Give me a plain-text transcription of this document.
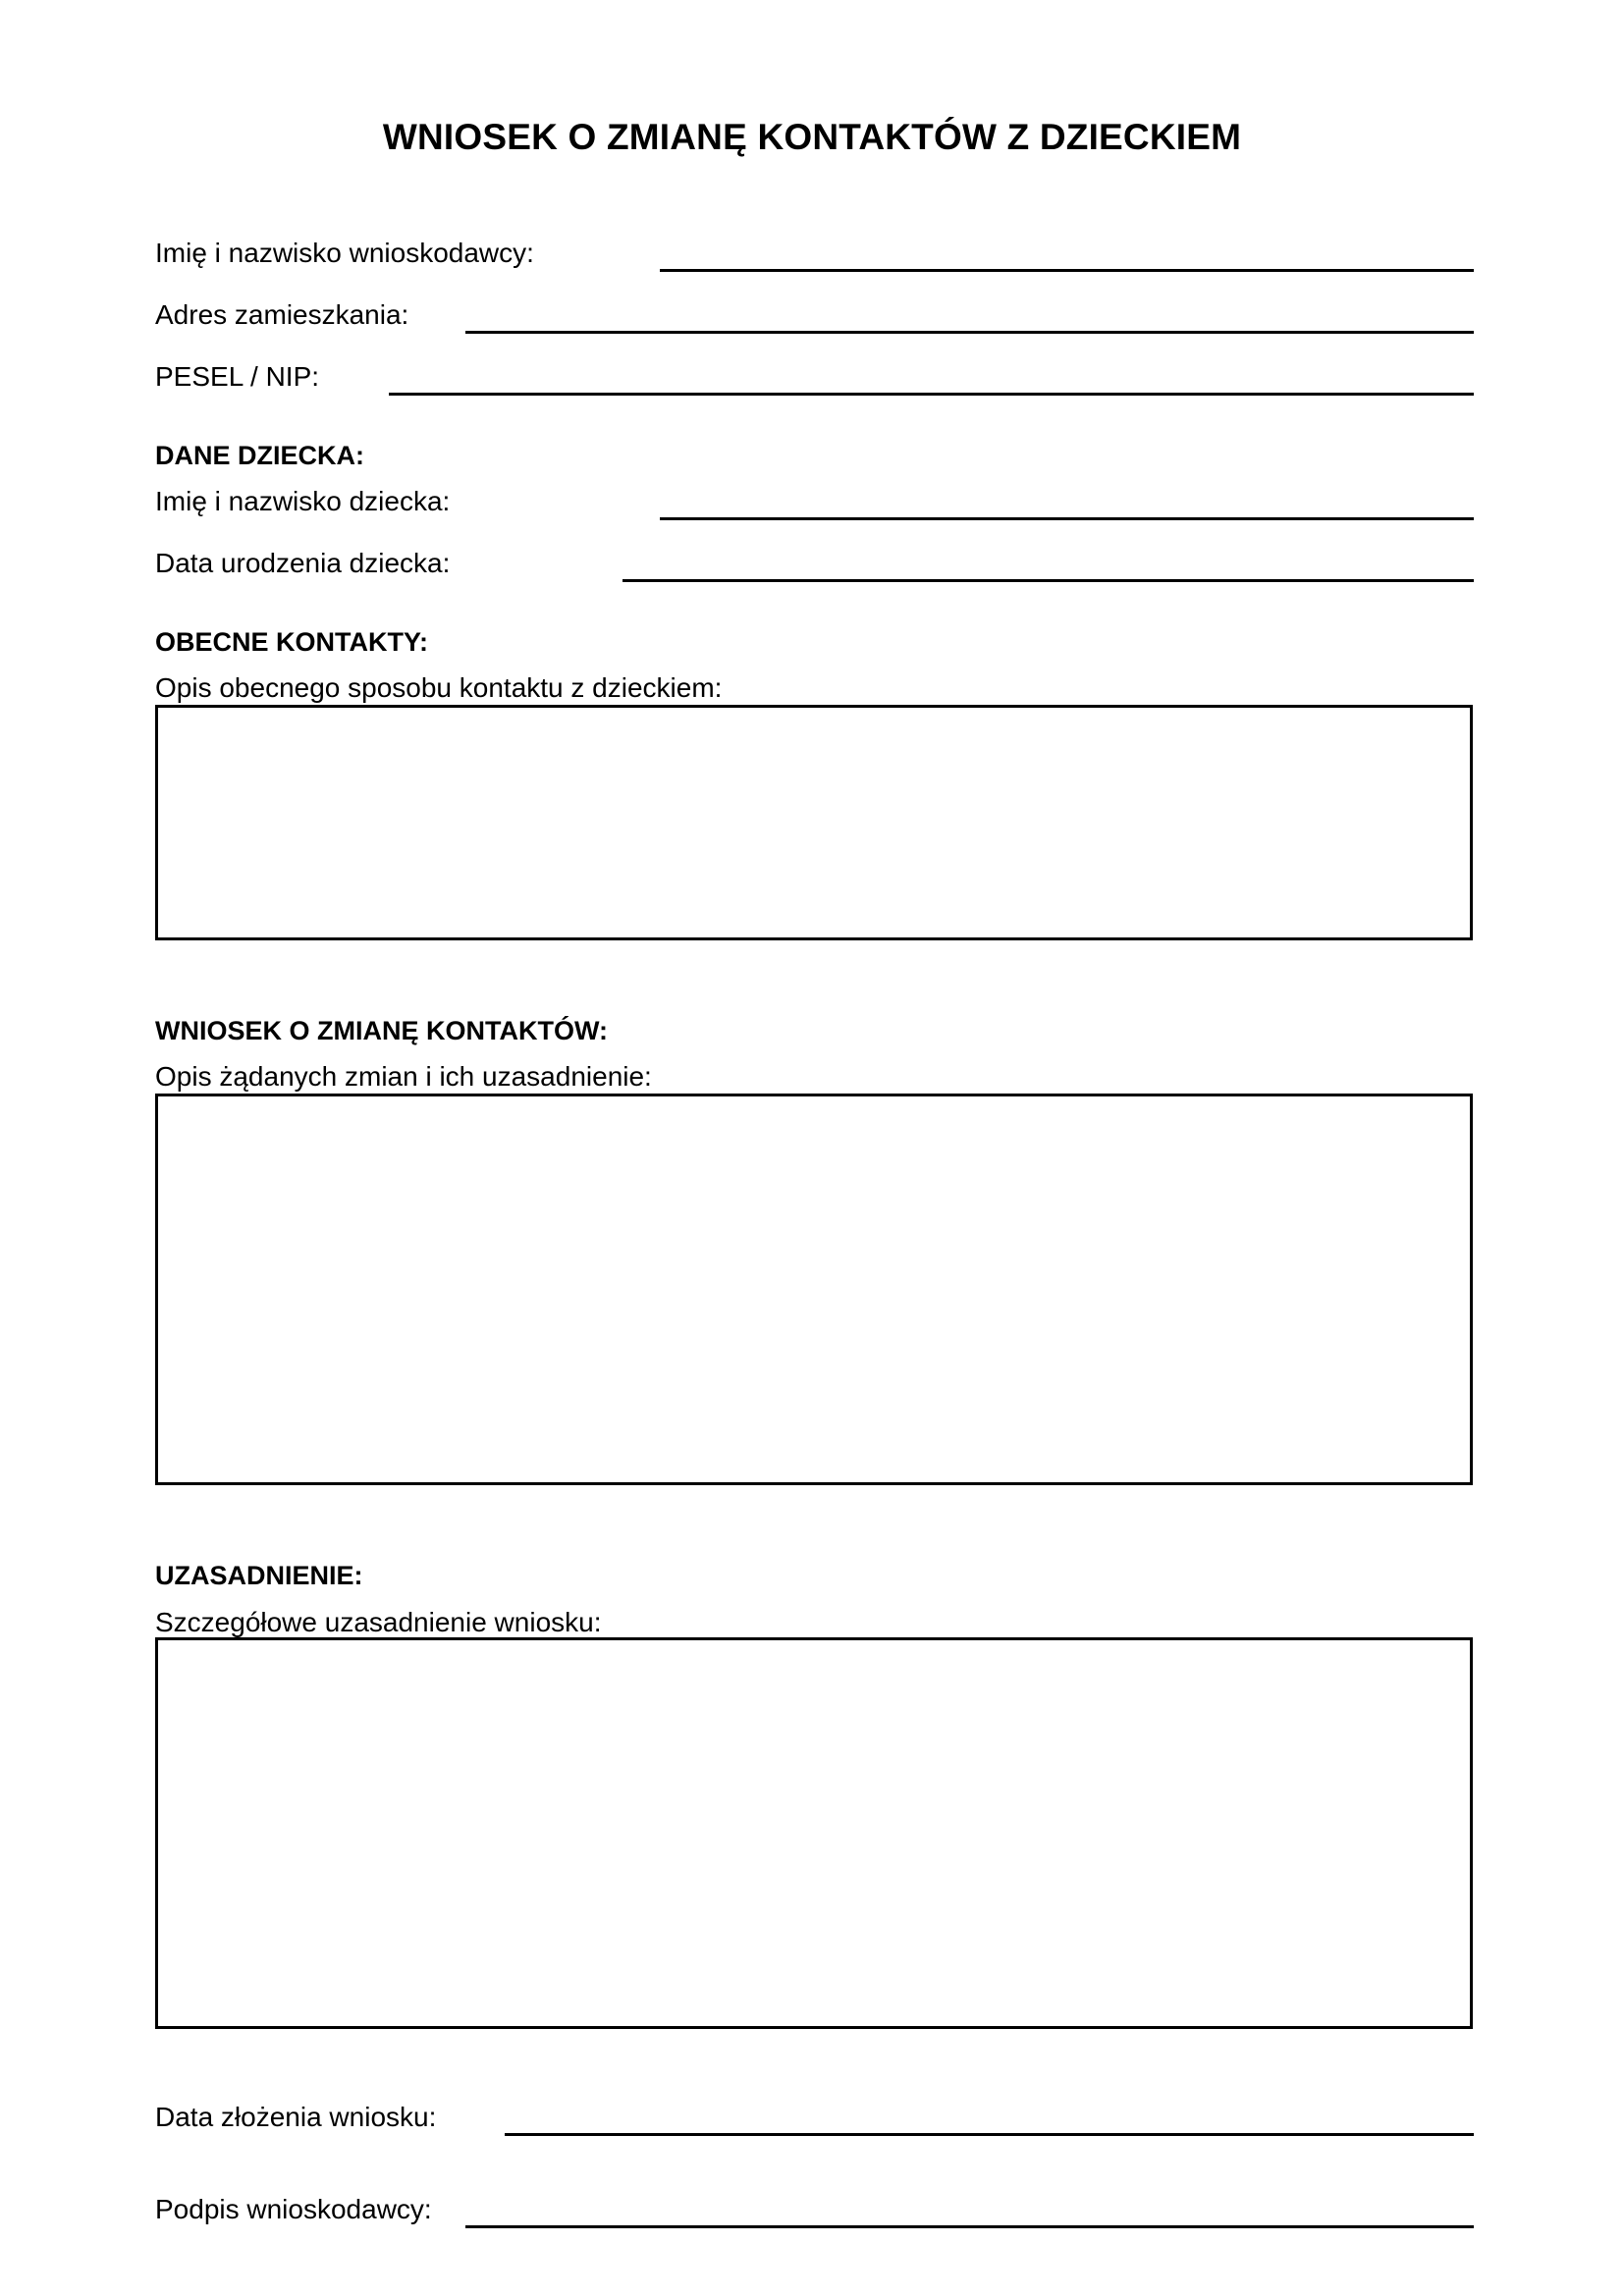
WNIOSEK O ZMIANĘ KONTAKTÓW Z DZIECKIEM
Imię i nazwisko wnioskodawcy:
Adres zamieszkania:
PESEL / NIP:
DANE DZIECKA:
Imię i nazwisko dziecka:
Data urodzenia dziecka:
OBECNE KONTAKTY:
Opis obecnego sposobu kontaktu z dzieckiem:
WNIOSEK O ZMIANĘ KONTAKTÓW:
Opis żądanych zmian i ich uzasadnienie:
UZASADNIENIE:
Szczegółowe uzasadnienie wniosku:
Data złożenia wniosku:
Podpis wnioskodawcy:
